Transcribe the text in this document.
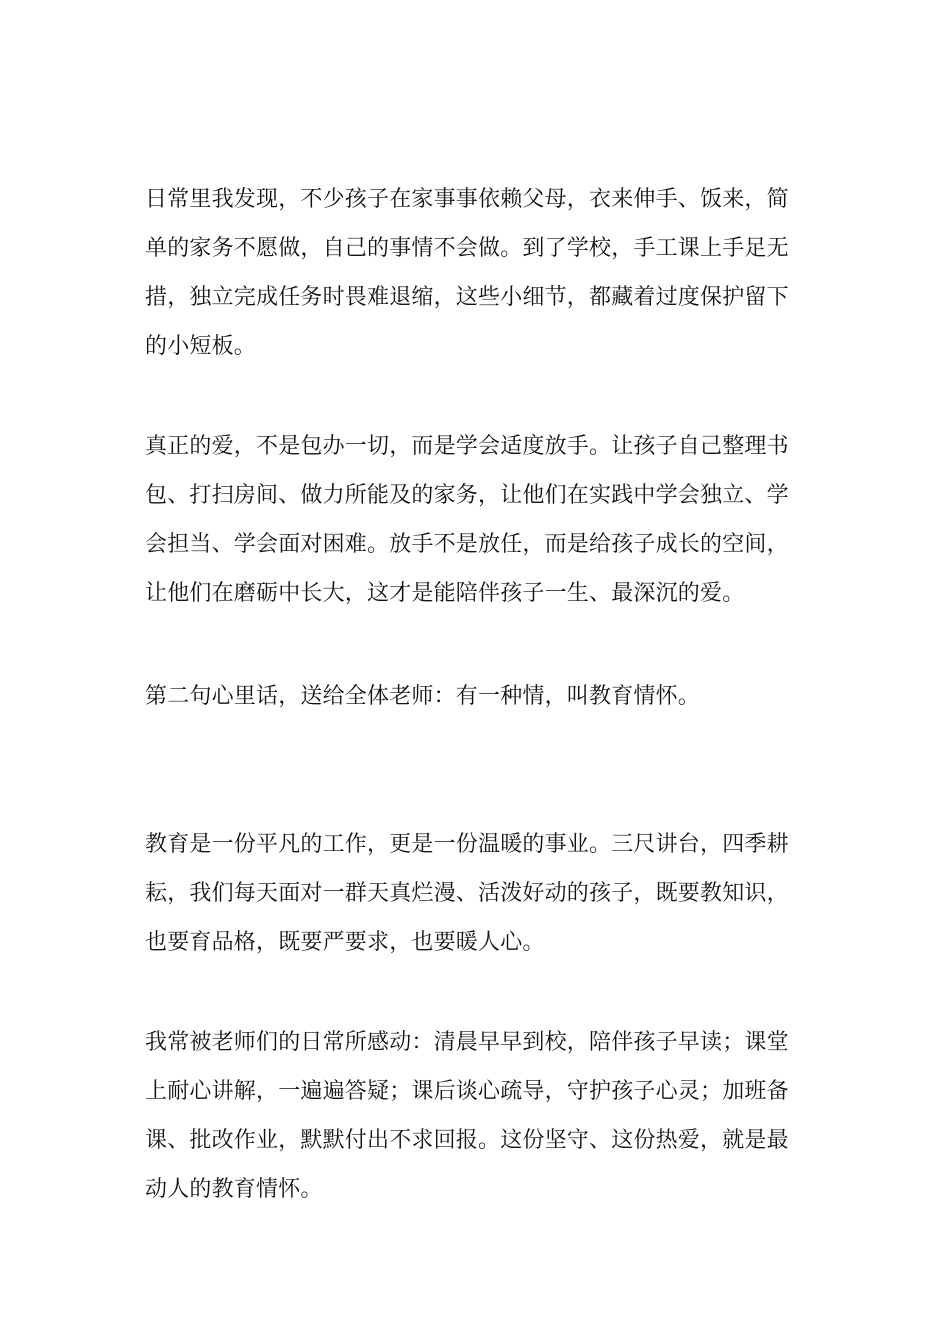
日常里我发现，不少孩子在家事事依赖父母，衣来伸手、饭来，简
单的家务不愿做，自己的事情不会做。到了学校，手工课上手足无
措，独立完成任务时畏难退缩，这些小细节，都藏着过度保护留下
的小短板。
真正的爱，不是包办一切，而是学会适度放手。让孩子自己整理书
包、打扫房间、做力所能及的家务，让他们在实践中学会独立、学
会担当、学会面对困难。放手不是放任，而是给孩子成长的空间，
让他们在磨砺中长大，这才是能陪伴孩子一生、最深沉的爱。
第二句心里话，送给全体老师：有一种情，叫教育情怀。
教育是一份平凡的工作，更是一份温暖的事业。三尺讲台，四季耕
耘，我们每天面对一群天真烂漫、活泼好动的孩子，既要教知识，
也要育品格，既要严要求，也要暖人心。
我常被老师们的日常所感动：清晨早早到校，陪伴孩子早读；课堂
上耐心讲解，一遍遍答疑；课后谈心疏导，守护孩子心灵；加班备
课、批改作业，默默付出不求回报。这份坚守、这份热爱，就是最
动人的教育情怀。
